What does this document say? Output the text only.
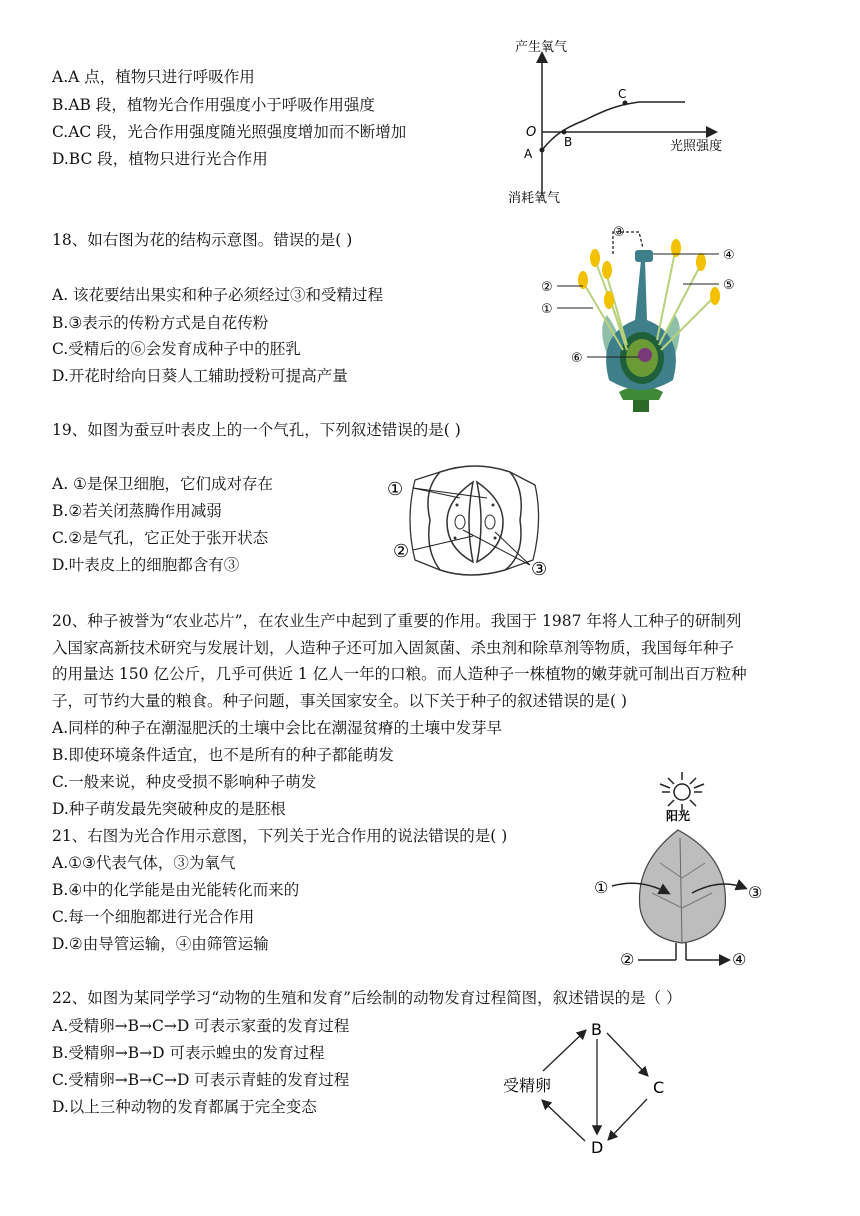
A.A 点，植物只进行呼吸作用
B.AB 段，植物光合作用强度小于呼吸作用强度
C.AC 段，光合作用强度随光照强度增加而不断增加
D.BC 段，植物只进行光合作用
产生氧气
消耗氧气
光照强度
O
A
B
C
18、如右图为花的结构示意图。错误的是( )
A. 该花要结出果实和种子必须经过③和受精过程
B.③表示的传粉方式是自花传粉
C.受精后的⑥会发育成种子中的胚乳
D.开花时给向日葵人工辅助授粉可提高产量
③
④
②	⑤
①
⑥
19、如图为蚕豆叶表皮上的一个气孔，下列叙述错误的是( )
A. ①是保卫细胞，它们成对存在
B.②若关闭蒸腾作用减弱
C.②是气孔，它正处于张开状态
D.叶表皮上的细胞都含有③
①
②
③
20、种子被誉为“农业芯片”，在农业生产中起到了重要的作用。我国于 1987 年将人工种子的研制列
入国家高新技术研究与发展计划，人造种子还可加入固氮菌、杀虫剂和除草剂等物质，我国每年种子
的用量达 150 亿公斤，几乎可供近 1 亿人一年的口粮。而人造种子一株植物的嫩芽就可制出百万粒种
子，可节约大量的粮食。种子问题，事关国家安全。以下关于种子的叙述错误的是( )
A.同样的种子在潮湿肥沃的土壤中会比在潮湿贫瘠的土壤中发芽早
B.即使环境条件适宜，也不是所有的种子都能萌发
C.一般来说，种皮受损不影响种子萌发
D.种子萌发最先突破种皮的是胚根
21、右图为光合作用示意图，下列关于光合作用的说法错误的是( )
A.①③代表气体，③为氧气
B.④中的化学能是由光能转化而来的
C.每一个细胞都进行光合作用
D.②由导管运输，④由筛管运输
阳光
①	③
②	④
22、如图为某同学学习“动物的生殖和发育”后绘制的动物发育过程简图，叙述错误的是（ ）
A.受精卵→B→C→D 可表示家蚕的发育过程
B.受精卵→B→D 可表示蝗虫的发育过程
C.受精卵→B→C→D 可表示青蛙的发育过程
D.以上三种动物的发育都属于完全变态
受精卵
B
C
D
